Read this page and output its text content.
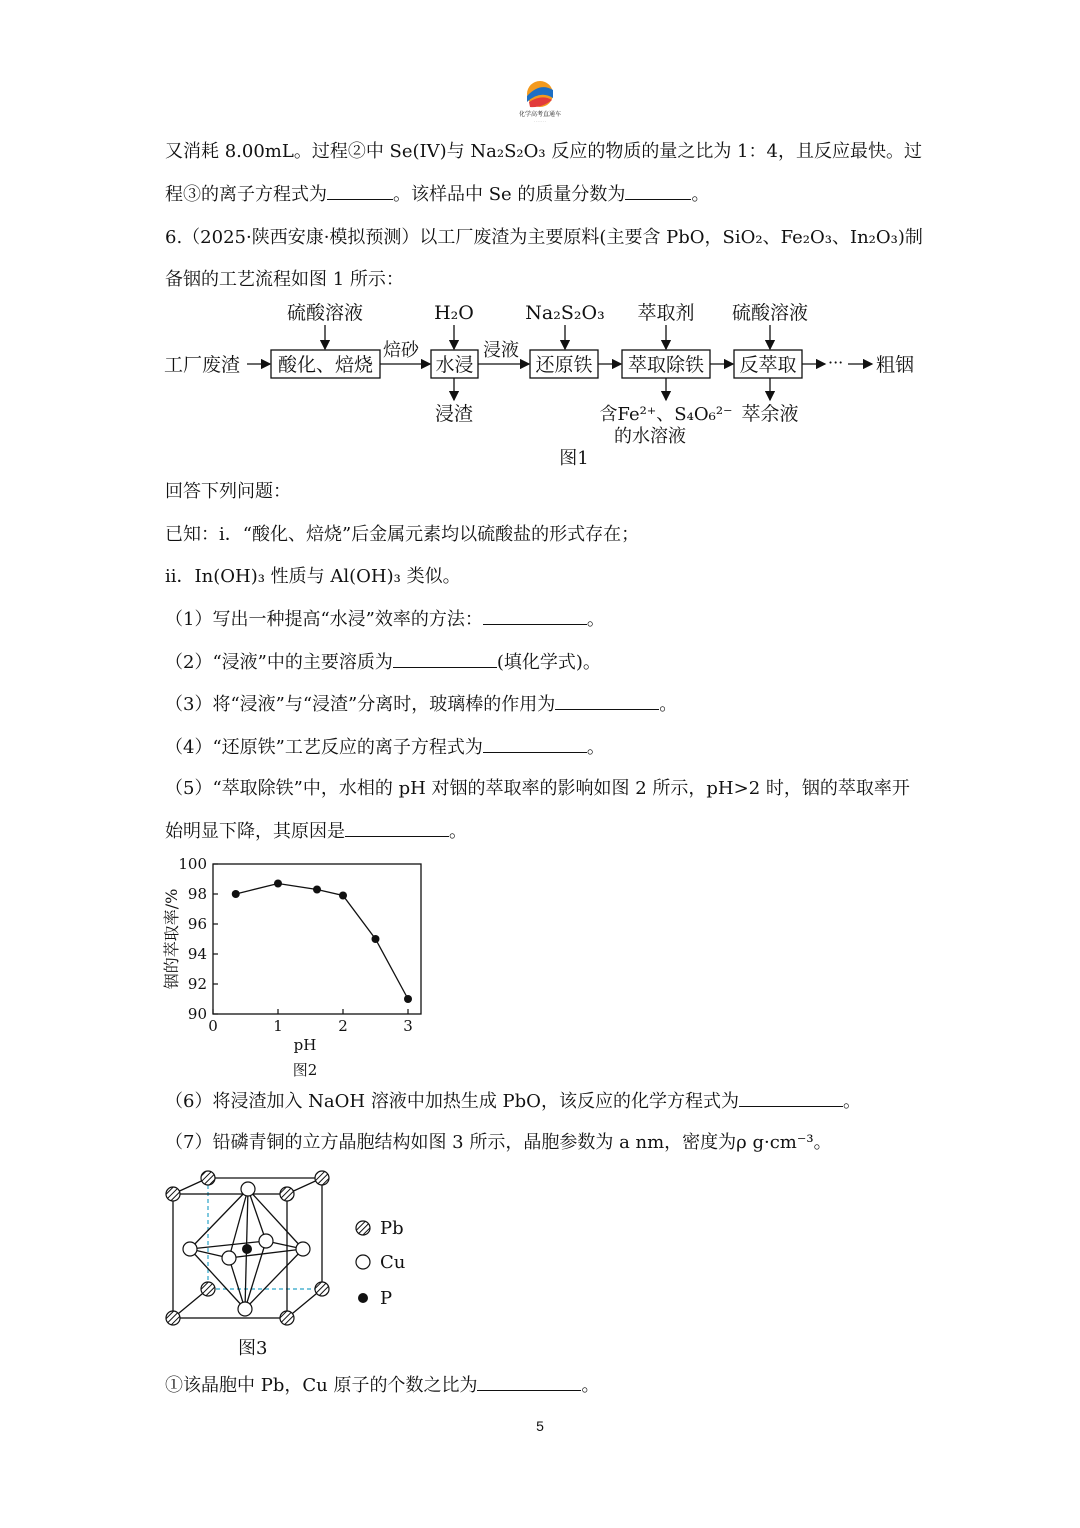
化学高考直通车
· · · · · · ·
又消耗 8.00mL。过程②中 Se(IV)与 Na₂S₂O₃ 反应的物质的量之比为 1：4，且反应最快。过
程③的离子方程式为	。该样品中 Se 的质量分数为	。
6.（2025·陕西安康·模拟预测）以工厂废渣为主要原料(主要含 PbO，SiO₂、Fe₂O₃、In₂O₃)制
备铟的工艺流程如图 1 所示：
工厂废渣 酸化、焙烧	水浸	还原铁 萃取除铁 反萃取
焙砂	浸液
··· 粗铟
硫酸溶液	H₂O	Na₂S₂O₃ 萃取剂 硫酸溶液
浸渣	含Fe²⁺、S₄O₆²⁻
的水溶液
萃余液
图1
回答下列问题：
已知：i．“酸化、焙烧”后金属元素均以硫酸盐的形式存在；
ii．In(OH)₃ 性质与 Al(OH)₃ 类似。
（1）写出一种提高“水浸”效率的方法：	。
（2）“浸液”中的主要溶质为	(填化学式)。
（3）将“浸液”与“浸渣”分离时，玻璃棒的作用为	。
（4）“还原铁”工艺反应的离子方程式为	。
（5）“萃取除铁”中，水相的 pH 对铟的萃取率的影响如图 2 所示，pH>2 时，铟的萃取率开
始明显下降，其原因是	。
90
92
94
96
98
100
0	1	2	3
pH
图2
铟的萃取率/%
（6）将浸渣加入 NaOH 溶液中加热生成 PbO，该反应的化学方程式为	。
（7）铅磷青铜的立方晶胞结构如图 3 所示，晶胞参数为 a nm，密度为ρ g·cm⁻³。
Pb
Cu
P
图3
①该晶胞中 Pb，Cu 原子的个数之比为	。
5
